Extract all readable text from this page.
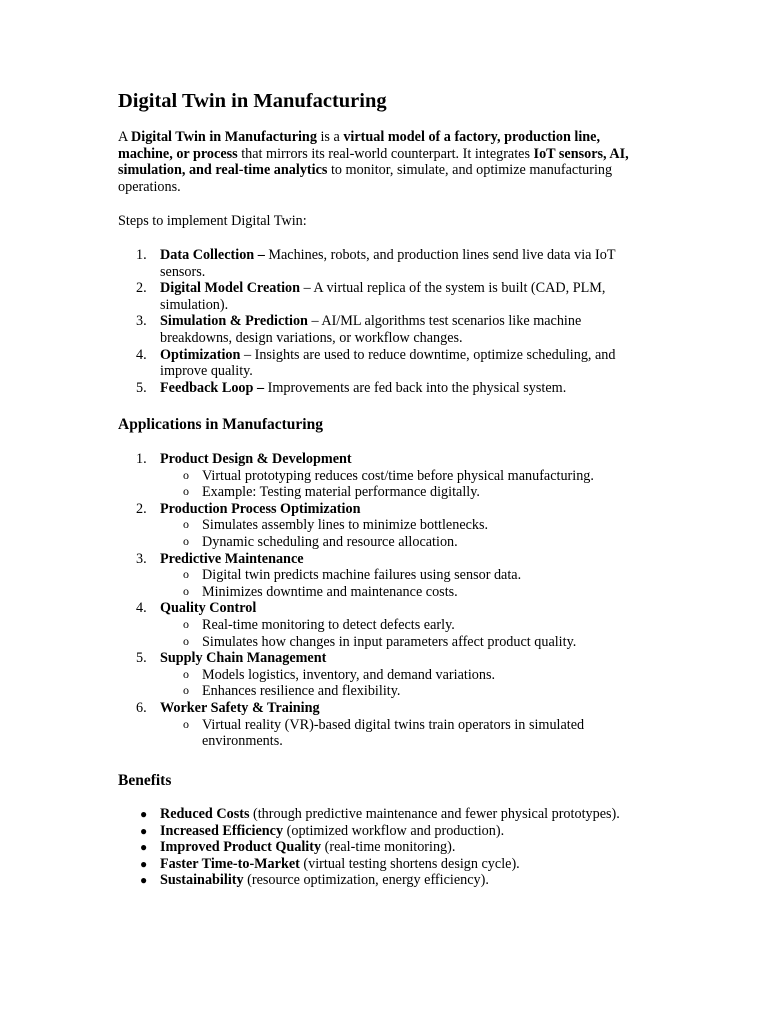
Digital Twin in Manufacturing

A Digital Twin in Manufacturing is a virtual model of a factory, production line, machine, or process that mirrors its real-world counterpart. It integrates IoT sensors, AI, simulation, and real-time analytics to monitor, simulate, and optimize manufacturing operations.

Steps to implement Digital Twin:

1. Data Collection – Machines, robots, and production lines send live data via IoT sensors.
2. Digital Model Creation – A virtual replica of the system is built (CAD, PLM, simulation).
3. Simulation & Prediction – AI/ML algorithms test scenarios like machine breakdowns, design variations, or workflow changes.
4. Optimization – Insights are used to reduce downtime, optimize scheduling, and improve quality.
5. Feedback Loop – Improvements are fed back into the physical system.
Applications in Manufacturing
1. Product Design & Development
o Virtual prototyping reduces cost/time before physical manufacturing.
o Example: Testing material performance digitally.
2. Production Process Optimization
o Simulates assembly lines to minimize bottlenecks.
o Dynamic scheduling and resource allocation.
3. Predictive Maintenance
o Digital twin predicts machine failures using sensor data.
o Minimizes downtime and maintenance costs.
4. Quality Control
o Real-time monitoring to detect defects early.
o Simulates how changes in input parameters affect product quality.
5. Supply Chain Management
o Models logistics, inventory, and demand variations.
o Enhances resilience and flexibility.
6. Worker Safety & Training
o Virtual reality (VR)-based digital twins train operators in simulated environments.
Benefits
● Reduced Costs (through predictive maintenance and fewer physical prototypes).
● Increased Efficiency (optimized workflow and production).
● Improved Product Quality (real-time monitoring).
● Faster Time-to-Market (virtual testing shortens design cycle).
● Sustainability (resource optimization, energy efficiency).
